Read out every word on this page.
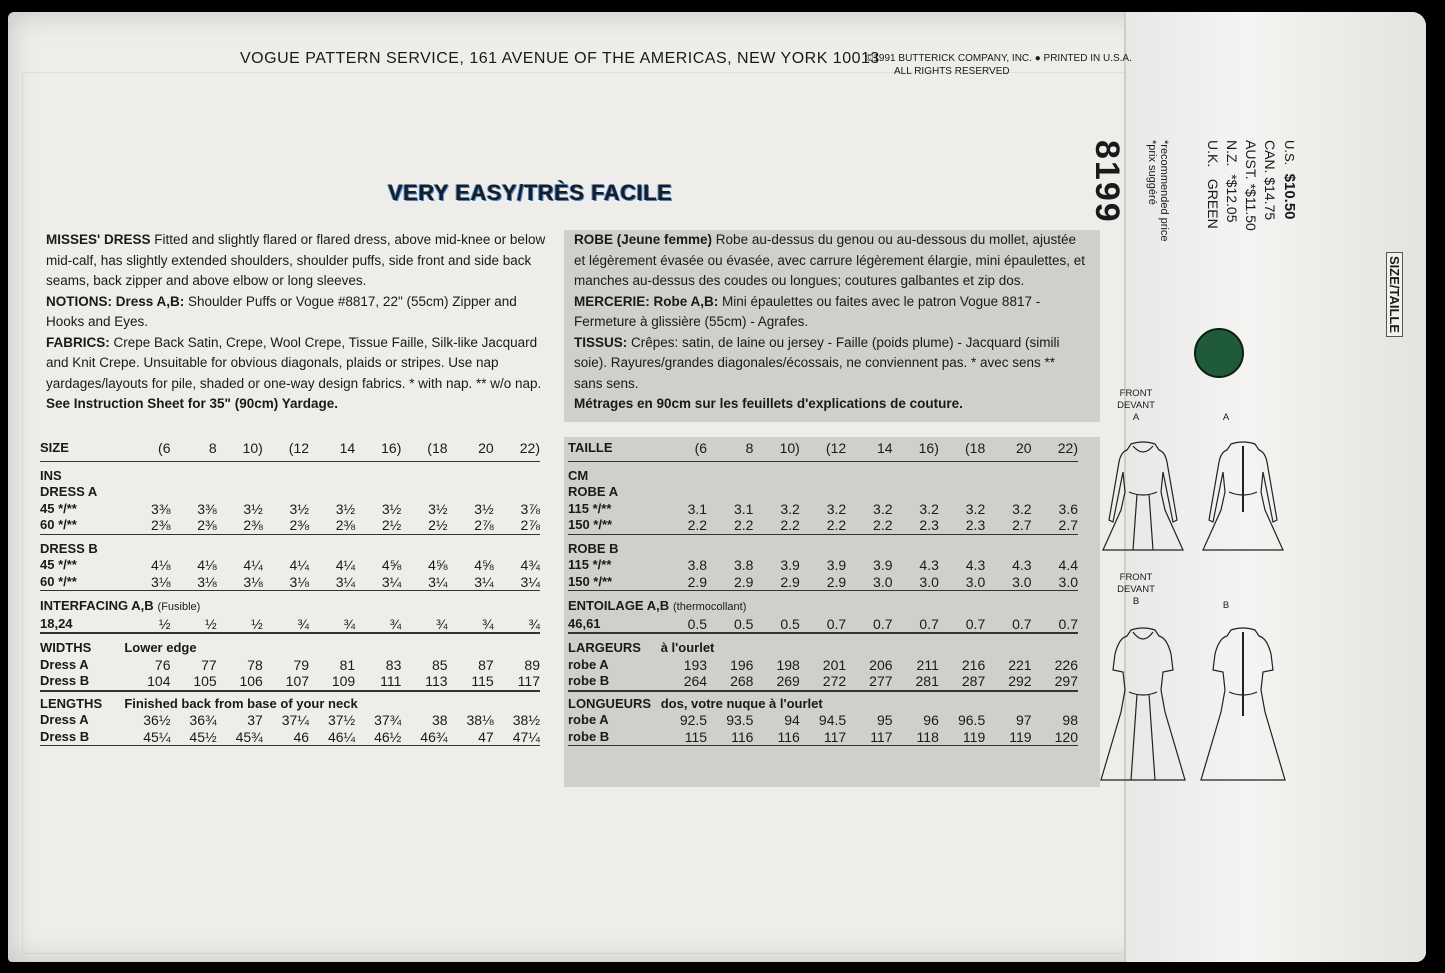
VOGUE PATTERN SERVICE, 161 AVENUE OF THE AMERICAS, NEW YORK 10013
©1991 BUTTERICK COMPANY, INC. ● PRINTED IN U.S.A.
ALL RIGHTS RESERVED
VERY EASY/TRÈS FACILE
MISSES' DRESS Fitted and slightly flared or flared dress, above mid-knee or below mid-calf, has slightly extended shoulders, shoulder puffs, side front and side back seams, back zipper and above elbow or long sleeves.
NOTIONS: Dress A,B: Shoulder Puffs or Vogue #8817, 22" (55cm) Zipper and Hooks and Eyes.
FABRICS: Crepe Back Satin, Crepe, Wool Crepe, Tissue Faille, Silk-like Jacquard and Knit Crepe. Unsuitable for obvious diagonals, plaids or stripes. Use nap yardages/layouts for pile, shaded or one-way design fabrics. * with nap. ** w/o nap.
See Instruction Sheet for 35" (90cm) Yardage.
ROBE (Jeune femme) Robe au-dessus du genou ou au-dessous du mollet, ajustée et légèrement évasée ou évasée, avec carrure légèrement élargie, mini épaulettes, et manches au-dessus des coudes ou longues; coutures galbantes et zip dos.
MERCERIE: Robe A,B: Mini épaulettes ou faites avec le patron Vogue 8817 - Fermeture à glissière (55cm) - Agrafes.
TISSUS: Crêpes: satin, de laine ou jersey - Faille (poids plume) - Jacquard (simili soie). Rayures/grandes diagonales/écossais, ne conviennent pas. * avec sens ** sans sens.
Métrages en 90cm sur les feuillets d'explications de couture.
SIZE	(6	8	10)	(12	14	16)	(18	20	22)
INS									
DRESS A									
45 */**	3⅜	3⅜	3½	3½	3½	3½	3½	3½	3⅞
60 */**	2⅜	2⅜	2⅜	2⅜	2⅜	2½	2½	2⅞	2⅞
DRESS B									
45 */**	4⅛	4⅛	4¼	4¼	4¼	4⅝	4⅝	4⅝	4¾
60 */**	3⅛	3⅛	3⅛	3⅛	3¼	3¼	3¼	3¼	3¼
INTERFACING A,B (Fusible)									
18,24	½	½	½	¾	¾	¾	¾	¾	¾
WIDTHS	Lower edge								
Dress A	76	77	78	79	81	83	85	87	89
Dress B	104	105	106	107	109	111	113	115	117
LENGTHS	Finished back from base of your neck								
Dress A	36½	36¾	37	37¼	37½	37¾	38	38⅛	38½
Dress B	45¼	45½	45¾	46	46¼	46½	46¾	47	47¼

TAILLE	(6	8	10)	(12	14	16)	(18	20	22)
CM									
ROBE A									
115 */**	3.1	3.1	3.2	3.2	3.2	3.2	3.2	3.2	3.6
150 */**	2.2	2.2	2.2	2.2	2.2	2.3	2.3	2.7	2.7
ROBE B									
115 */**	3.8	3.8	3.9	3.9	3.9	4.3	4.3	4.3	4.4
150 */**	2.9	2.9	2.9	2.9	3.0	3.0	3.0	3.0	3.0
ENTOILAGE A,B (thermocollant)									
46,61	0.5	0.5	0.5	0.7	0.7	0.7	0.7	0.7	0.7
LARGEURS	à l'ourlet								
robe A	193	196	198	201	206	211	216	221	226
robe B	264	268	269	272	277	281	287	292	297
LONGUEURS	dos, votre nuque à l'ourlet								
robe A	92.5	93.5	94	94.5	95	96	96.5	97	98
robe B	115	116	116	117	117	118	119	119	120

U.S.  $10.50
CAN. $14.75
AUST. *$11.50
N.Z.  *$12.05
U.K.   GREEN
*recommended price
*prix suggéré
8199
SIZE/TAILLE
FRONT
DEVANT
A	A
FRONT
DEVANT
B	B
